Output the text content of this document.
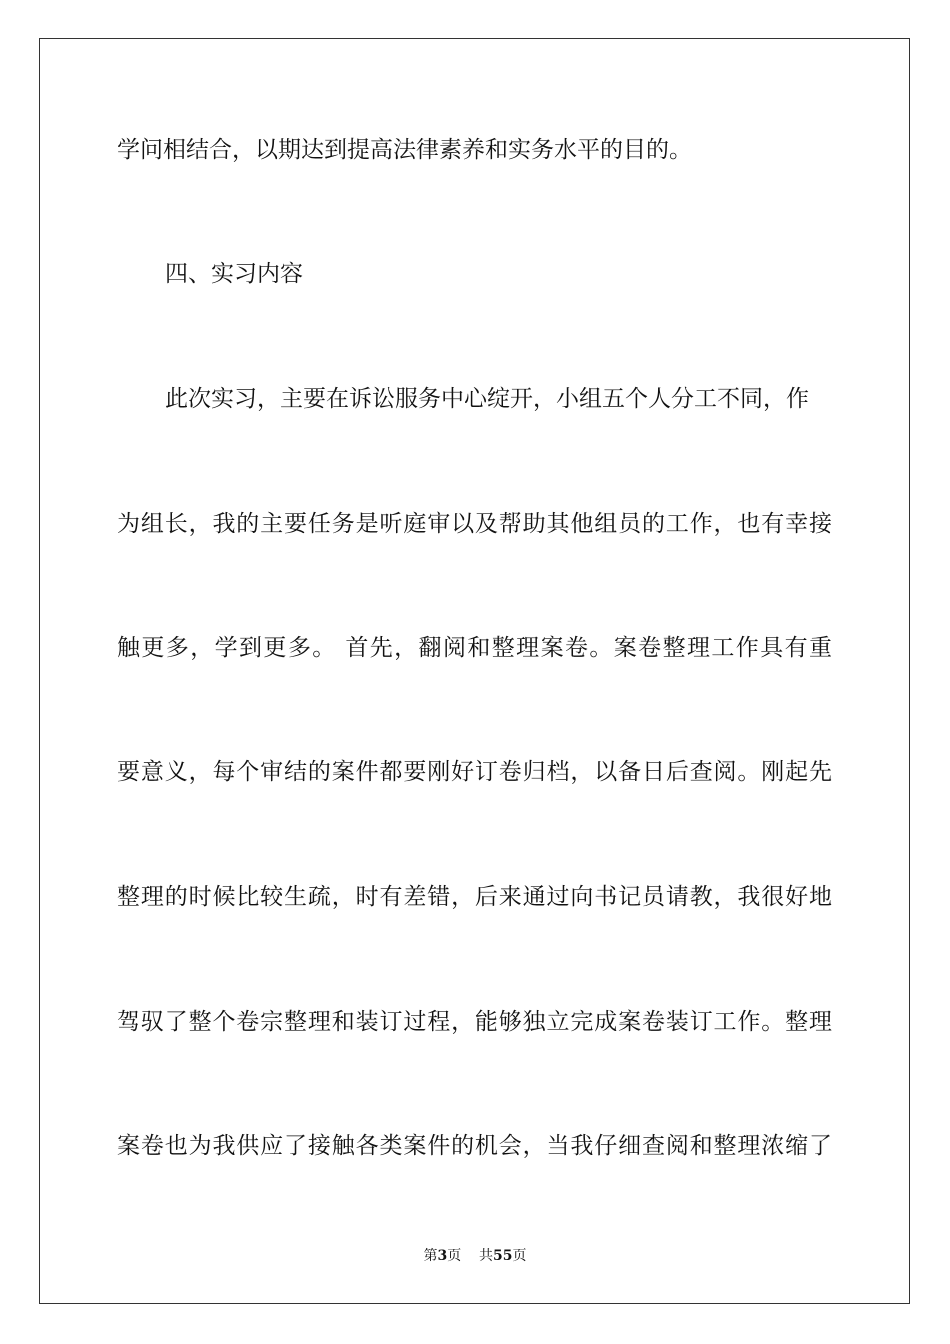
学问相结合，以期达到提高法律素养和实务水平的目的。
四、实习内容
此次实习，主要在诉讼服务中心绽开，小组五个人分工不同，作
为组长，我的主要任务是听庭审以及帮助其他组员的工作，也有幸接
触更多，学到更多。 首先，翻阅和整理案卷。案卷整理工作具有重
要意义，每个审结的案件都要刚好订卷归档，以备日后查阅。刚起先
整理的时候比较生疏，时有差错，后来通过向书记员请教，我很好地
驾驭了整个卷宗整理和装订过程，能够独立完成案卷装订工作。整理
案卷也为我供应了接触各类案件的机会，当我仔细查阅和整理浓缩了
第3页 共55页
